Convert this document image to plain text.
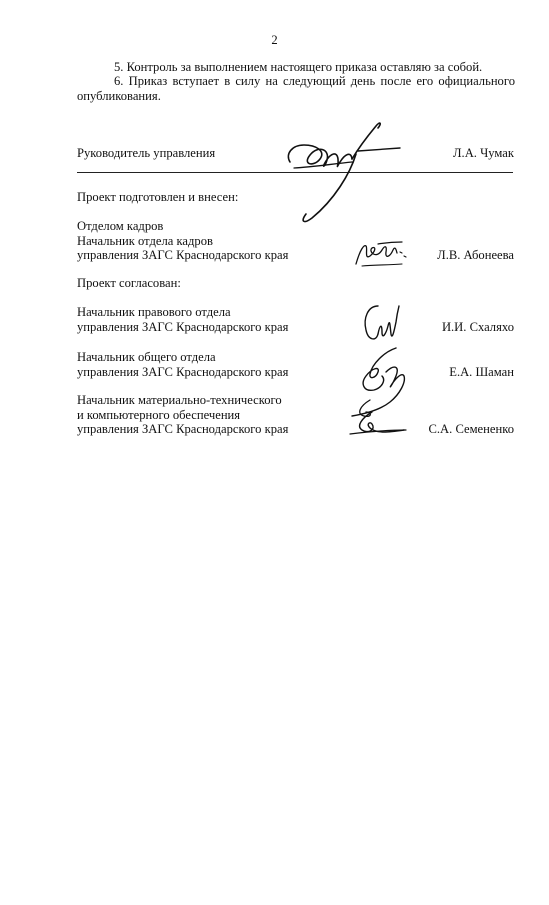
2
5. Контроль за выполнением настоящего приказа оставляю за собой.
6. Приказ вступает в силу на следующий день после его официального опубликования.
Руководитель управления	Л.А. Чумак
Проект подготовлен и внесен:
Отделом кадров
Начальник отдела кадров
управления ЗАГС Краснодарского края	Л.В. Абонеева
Проект согласован:
Начальник правового отдела
управления ЗАГС Краснодарского края	И.И. Схаляхо
Начальник общего отдела
управления ЗАГС Краснодарского края	Е.А. Шаман
Начальник материально-технического
и компьютерного обеспечения
управления ЗАГС Краснодарского края	С.А. Семененко
